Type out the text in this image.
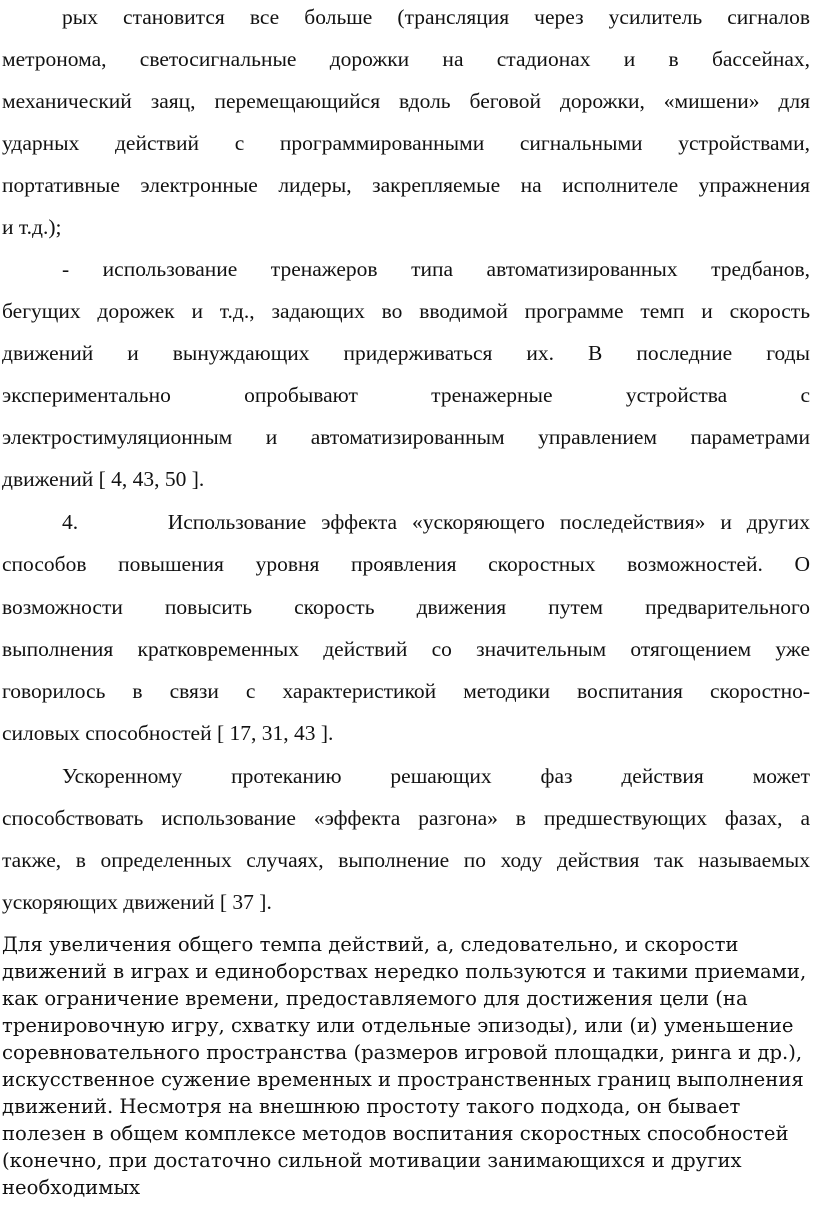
рых становится все больше (трансляция через усилитель сигналов
метронома, светосигнальные дорожки на стадионах и в бассейнах,
механический заяц, перемещающийся вдоль беговой дорожки, «мишени» для
ударных действий с программированными сигнальными устройствами,
портативные электронные лидеры, закрепляемые на исполнителе упражнения
и т.д.);
- использование тренажеров типа автоматизированных тредбанов,
бегущих дорожек и т.д., задающих во вводимой программе темп и скорость
движений и вынуждающих придерживаться их. В последние годы
экспериментально опробывают тренажерные устройства с
электростимуляционным и автоматизированным управлением параметрами
движений [ 4, 43, 50 ].
4.      Использование эффекта «ускоряющего последействия» и других
способов повышения уровня проявления скоростных возможностей. О
возможности повысить скорость движения путем предварительного
выполнения кратковременных действий со значительным отягощением уже
говорилось в связи с характеристикой методики воспитания скоростно-
силовых способностей [ 17, 31, 43 ].
Ускоренному протеканию решающих фаз действия может
способствовать использование «эффекта разгона» в предшествующих фазах, а
также, в определенных случаях, выполнение по ходу действия так называемых
ускоряющих движений [ 37 ].
Для увеличения общего темпа действий, а, следовательно, и скорости
движений в играх и единоборствах нередко пользуются и такими приемами,
как ограничение времени, предоставляемого для достижения цели (на
тренировочную игру, схватку или отдельные эпизоды), или (и) уменьшение
соревновательного пространства (размеров игровой площадки, ринга и др.),
искусственное сужение временных и пространственных границ выполнения
движений. Несмотря на внешнюю простоту такого подхода, он бывает
полезен в общем комплексе методов воспитания скоростных способностей
(конечно, при достаточно сильной мотивации занимающихся и других
необходимых
